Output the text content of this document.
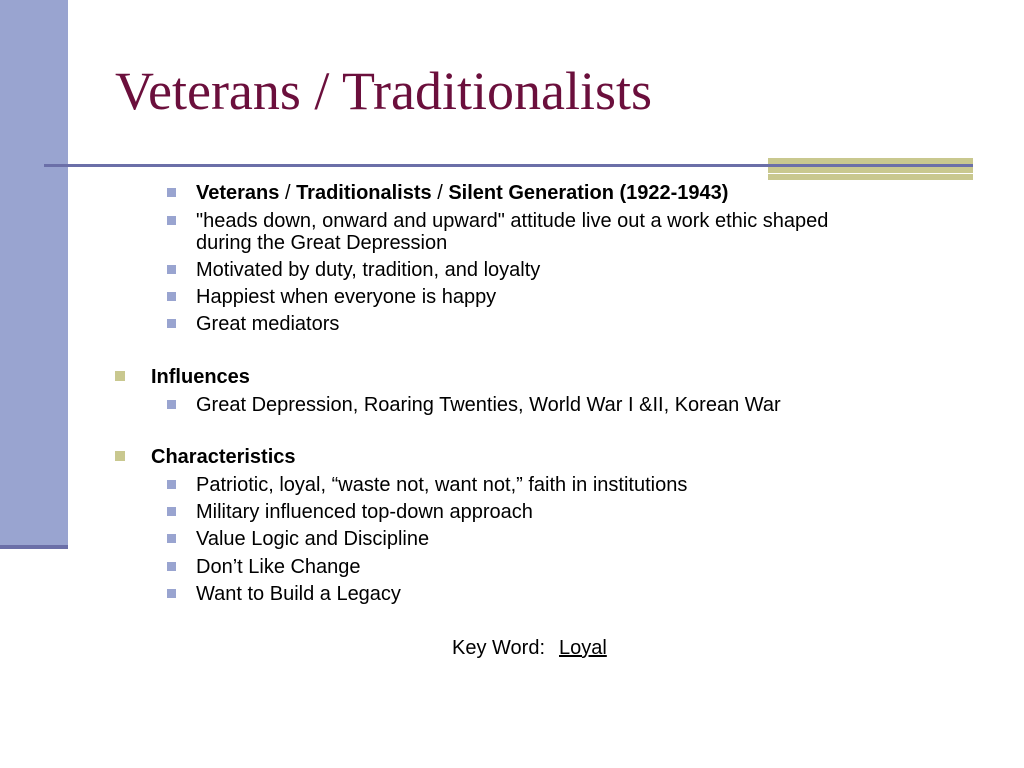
Veterans / Traditionalists
Veterans / Traditionalists / Silent Generation (1922-1943)
"heads down, onward and upward" attitude live out a work ethic shaped
during the Great Depression
Motivated by duty, tradition, and loyalty
Happiest when everyone is happy
Great mediators
Influences
Great Depression, Roaring Twenties, World War I &II, Korean War
Characteristics
Patriotic, loyal, “waste not, want not,” faith in institutions
Military influenced top-down approach
Value Logic and Discipline
Don’t Like Change
Want to Build a Legacy
Key Word: Loyal
